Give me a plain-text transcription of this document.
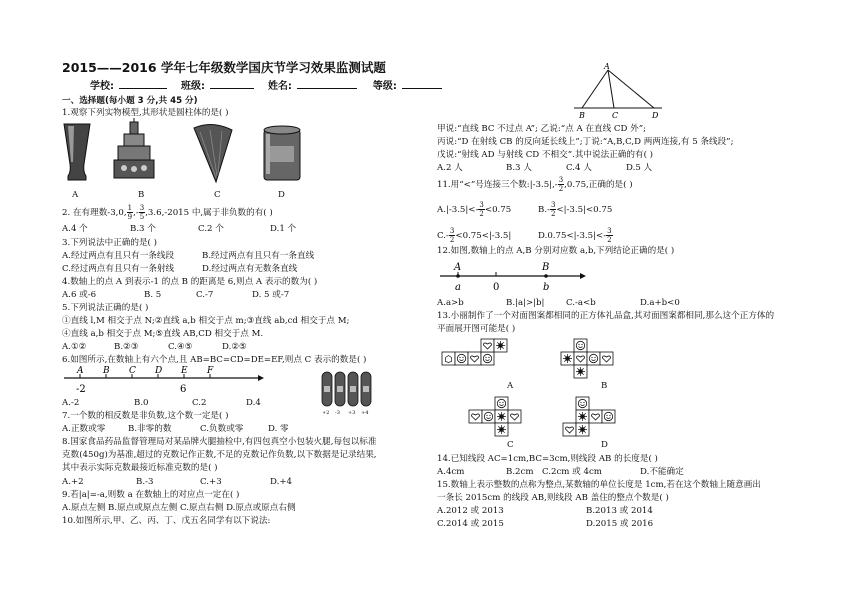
2015——2016 学年七年级数学国庆节学习效果监测试题
学校:	班级:	姓名:	等级:
一、选择题(每小题 3 分,共 45 分)
1.观察下列实物模型,其形状是圆柱体的是( )
A	B	C	D
2. 在有理数-3,0, $\frac{1}{9}$ ,- $\frac{3}{5} ,3.6,-2015$ 中,属于非负数的有( )
A.4 个	B.3 个	C.2 个	D.1 个
3.下列说法中正确的是( )
A.经过两点有且只有一条线段	B.经过两点有且只有一条直线
C.经过两点有且只有一条射线	D.经过两点有无数条直线
4.数轴上的点 A 到表示-1 的点 B 的距离是 6,则点 A 表示的数为( )
A.6 或-6	B. 5	C.-7	D. 5 或-7
5.下列说法正确的是( )
①直线 l,M 相交于点 N;②直线 a,b 相交于点 m;③直线 ab,cd 相交于点 M;
④直线 a,b 相交于点 M;⑤直线 AB,CD 相交于点 M.
A.①②	B.②③	C.④⑤	D.②⑤
6.如图所示,在数轴上有六个点,且 AB=BC=CD=DE=EF,则点 C 表示的数是( )
A B C D E F
-2	6
+2 -3 +3 +4
A.-2	B.0	C.2	D.4
7.一个数的相反数是非负数,这个数一定是( )
A.正数或零	B.非零的数	C.负数或零	D. 零
8.国家食品药品监督管理局对某品牌火腿抽检中,有四包真空小包装火腿,每包以标准
克数(450g)为基准,超过的克数记作正数,不足的克数记作负数,以下数据是记录结果,
其中表示实际克数最接近标准克数的是( )
A.+2	B.-3	C.+3	D.+4
9.若|a|=-a,则数 a 在数轴上的对应点一定在( )
A.原点左侧 B.原点或原点左侧 C.原点右侧 D.原点或原点右侧
10.如图所示,甲、乙、丙、丁、戊五名同学有以下说法:
A
B	C	D
甲说:“直线 BC 不过点 A”; 乙说:“点 A 在直线 CD 外”;
丙说:“D 在射线 CB 的反向延长线上”;丁说:“A,B,C,D 两两连接,有 5 条线段”;
戊说:“射线 AD 与射线 CD 不相交”.其中说法正确的有( )
A.2 人	B.3 人	C.4 人	D.5 人
11.用“<”号连接三个数:|-3.5|,- $\frac{3}{2} ,0.75$,正确的是( )
$A.|-3.5|<- \frac{3}{2} <0.75$	$B.- \frac{3}{2} <|-3.5|<0.75$
$C.- \frac{3}{2} <0.75<|-3.5|$	$D.0.75<|-3.5|<- \frac{3}{2}$
12.如图,数轴上的点 A,B 分别对应数 a,b,下列结论正确的是( )
A	B
a	0	b
A.a>b	B.|a|>|b|	C.-a<b	D.a+b<0
13.小丽制作了一个对面图案都相同的正方体礼品盒,其对面图案都相同,那么这个正方体的
平面展开图可能是( )
A	B
C	D
14.已知线段 AC=1cm,BC=3cm,则线段 AB 的长度是( )
A.4cm	B.2cm C.2cm 或 4cm	D.不能确定
15.数轴上表示整数的点称为整点,某数轴的单位长度是 1cm,若在这个数轴上随意画出
一条长 2015cm 的线段 AB,则线段 AB 盖住的整点个数是( )
A.2012 或 2013	B.2013 或 2014
C.2014 或 2015	D.2015 或 2016
